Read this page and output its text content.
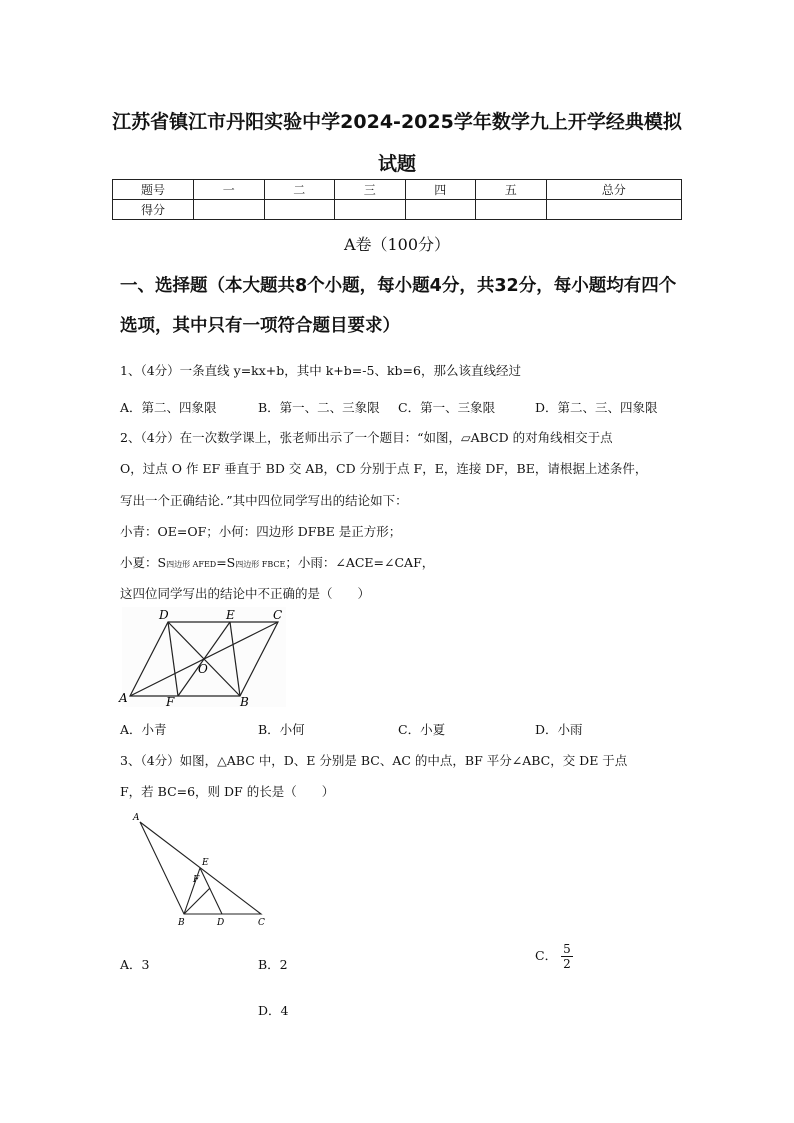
江苏省镇江市丹阳实验中学2024-2025学年数学九上开学经典模拟
试题
题号	一	二	三	四	五	总分
得分						
A卷（100分）
一、选择题（本大题共8个小题，每小题4分，共32分，每小题均有四个选项，其中只有一项符合题目要求）
1、（4分）一条直线 y=kx+b，其中 k+b=-5、kb=6，那么该直线经过
A．第二、四象限	B．第一、二、三象限 C．第一、三象限	D．第二、三、四象限
2、（4分）在一次数学课上，张老师出示了一个题目：“如图，▱ABCD 的对角线相交于点
O，过点 O 作 EF 垂直于 BD 交 AB，CD 分别于点 F，E，连接 DF，BE，请根据上述条件，
写出一个正确结论．”其中四位同学写出的结论如下：
小青：OE=OF；小何：四边形 DFBE 是正方形；
小夏：S四边形 AFED=S四边形 FBCE；小雨：∠ACE=∠CAF，
这四位同学写出的结论中不正确的是（　　）
D	E	C
O
A	F	B
A．小青	B．小何	C．小夏	D．小雨
3、（4分）如图，△ABC 中，D、E 分别是 BC、AC 的中点，BF 平分∠ABC，交 DE 于点
F，若 BC=6，则 DF 的长是（　　）
A
E
F
B	D	C
A．3	B．2
C． $\frac{5}{2}$
D．4
